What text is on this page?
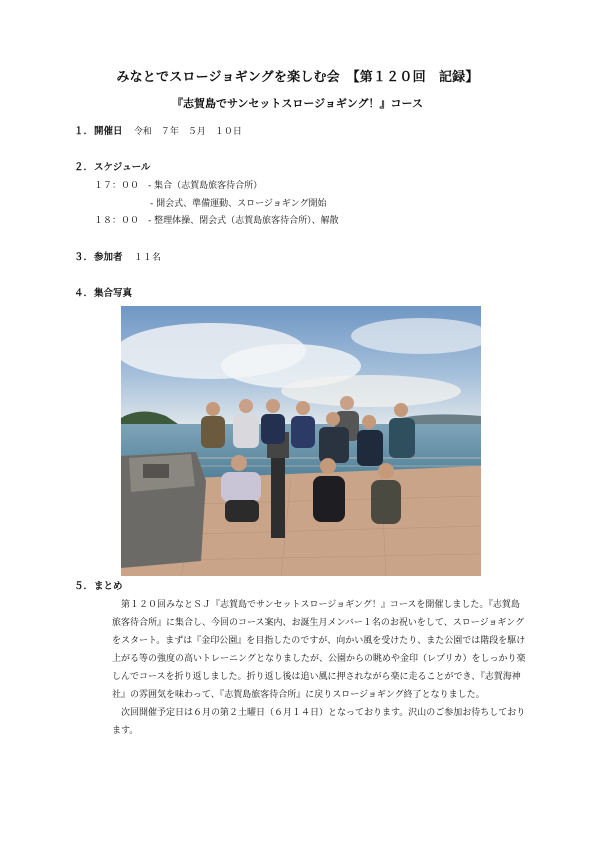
みなとでスロージョギングを楽しむ会　【第１２０回　記録】
『志賀島でサンセットスロージョギング！』コース
１．開催日 令和　７年　５月　１０日
２．スケジュール
１７：００　- 集合（志賀島旅客待合所）
- 開会式、準備運動、スロージョギング開始
１８：００　- 整理体操、閉会式（志賀島旅客待合所）、解散
３．参加者 １１名
４．集合写真
５．まとめ

第１２０回みなとＳＪ『志賀島でサンセットスロージョギング！』コースを開催しました。『志賀島旅客待合所』に集合し、今回のコース案内、お誕生月メンバー１名のお祝いをして、スロージョギングをスタート。まずは『金印公園』を目指したのですが、向かい風を受けたり、また公園では階段を駆け上がる等の強度の高いトレーニングとなりましたが、公園からの眺めや金印（レプリカ）をしっかり楽しんでコースを折り返しました。折り返し後は追い風に押されながら楽に走ることができ、『志賀海神社』の雰囲気を味わって、『志賀島旅客待合所』に戻りスロージョギング終了となりました。

次回開催予定日は６月の第２土曜日（６月１４日）となっております。沢山のご参加お待ちしております。
